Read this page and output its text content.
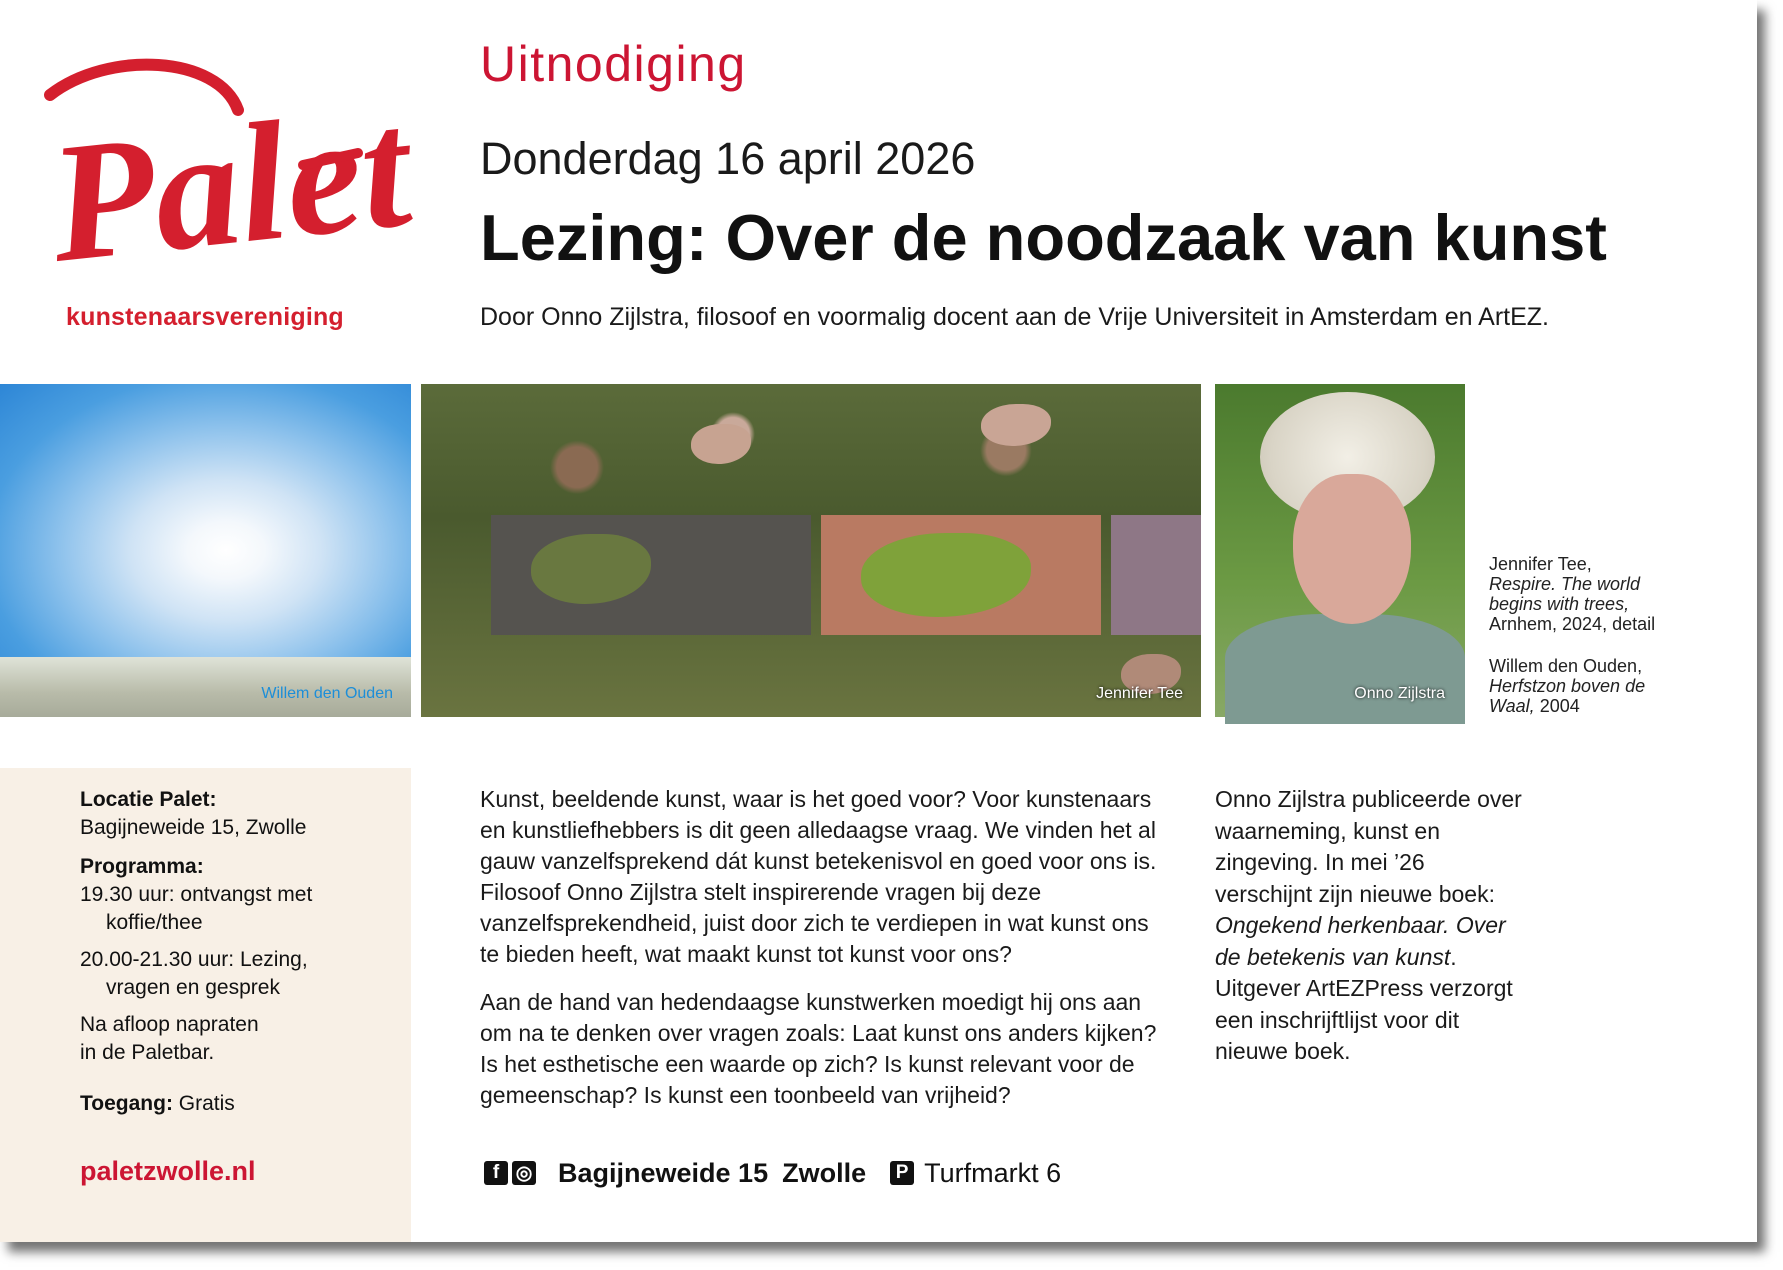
Palet
kunstenaarsvereniging
Uitnodiging
Donderdag 16 april 2026
Lezing: Over de noodzaak van kunst
Door Onno Zijlstra, filosoof en voormalig docent aan de Vrije Universiteit in Amsterdam en ArtEZ.
Willem den Ouden	Jennifer Tee	Onno Zijlstra
Jennifer Tee,
Respire. The world
begins with trees,
Arnhem, 2024, detail
Willem den Ouden,
Herfstzon boven de
Waal, 2004
Locatie Palet:
Bagijneweide 15, Zwolle
Programma:
19.30 uur: ontvangst met
koffie/thee
20.00-21.30 uur: Lezing,
vragen en gesprek
Na afloop napraten
in de Paletbar.
Toegang: Gratis
paletzwolle.nl
Kunst, beeldende kunst, waar is het goed voor? Voor kunstenaars en kunstliefhebbers is dit geen alledaagse vraag. We vinden het al gauw vanzelfsprekend dát kunst betekenisvol en goed voor ons is. Filosoof Onno Zijlstra stelt inspirerende vragen bij deze vanzelfsprekendheid, juist door zich te verdiepen in wat kunst ons te bieden heeft, wat maakt kunst tot kunst voor ons?
Aan de hand van hedendaagse kunstwerken moedigt hij ons aan om na te denken over vragen zoals: Laat kunst ons anders kijken? Is het esthetische een waarde op zich? Is kunst relevant voor de gemeenschap? Is kunst een toonbeeld van vrijheid?
Onno Zijlstra publiceerde over waarneming, kunst en zingeving. In mei ’26 verschijnt zijn nieuwe boek: Ongekend herkenbaar. Over de betekenis van kunst. Uitgever ArtEZPress verzorgt een inschrijftlijst voor dit nieuwe boek.
f ◎ Bagijneweide 15 Zwolle P Turfmarkt 6
